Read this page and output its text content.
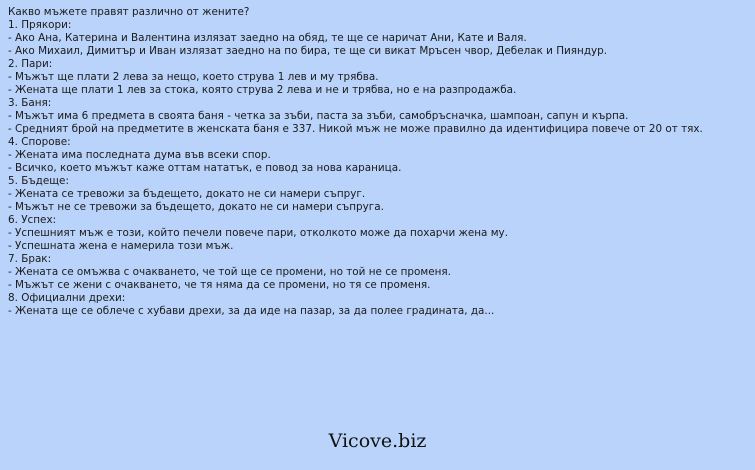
Какво мъжете правят различно от жените?
1. Прякори:
- Ако Ана, Катерина и Валентина излязат заедно на обяд, те ще се наричат Ани, Кате и Валя.
- Ако Михаил, Димитър и Иван излязат заедно на по бира, те ще си викат Мръсен чвор, Дебелак и Пияндур.
2. Пари:
- Мъжът ще плати 2 лева за нещо, което струва 1 лев и му трябва.
- Жената ще плати 1 лев за стока, която струва 2 лева и не и трябва, но е на разпродажба.
3. Баня:
- Мъжът има 6 предмета в своята баня - четка за зъби, паста за зъби, самобръсначка, шампоан, сапун и кърпа.
- Средният брой на предметите в женската баня е 337. Никой мъж не може правилно да идентифицира повече от 20 от тях.
4. Спорове:
- Жената има последната дума във всеки спор.
- Всичко, което мъжът каже оттам нататък, е повод за нова караница.
5. Бъдеще:
- Жената се тревожи за бъдещето, докато не си намери съпруг.
- Мъжът не се тревожи за бъдещето, докато не си намери съпруга.
6. Успех:
- Успешният мъж е този, който печели повече пари, отколкото може да похарчи жена му.
- Успешната жена е намерила този мъж.
7. Брак:
- Жената се омъжва с очакването, че той ще се промени, но той не се променя.
- Мъжът се жени с очакването, че тя няма да се промени, но тя се променя.
8. Официални дрехи:
- Жената ще се облече с хубави дрехи, за да иде на пазар, за да полее градината, да...
Vicove.biz
